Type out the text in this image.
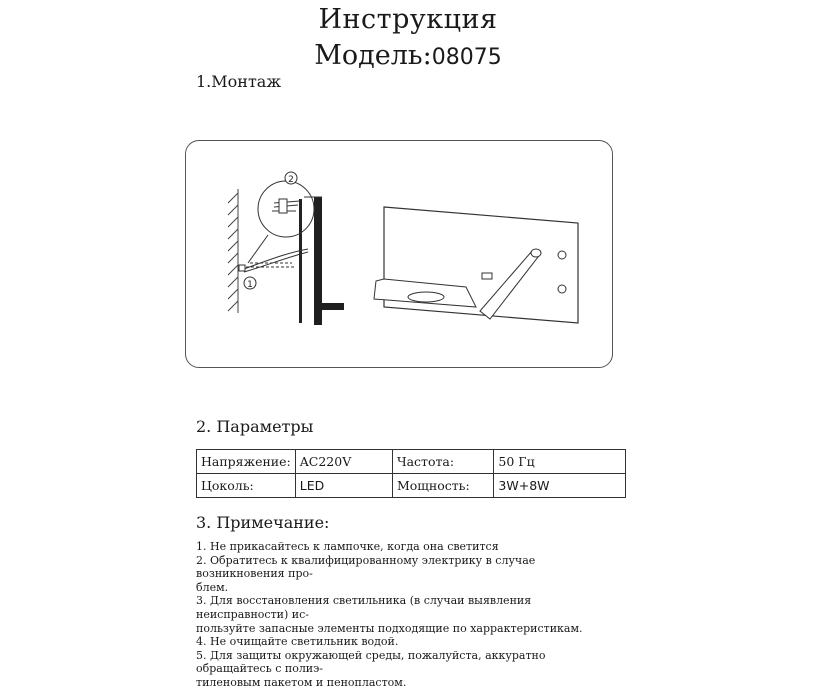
Инструкция
Модель:08075
1.Монтаж
2
1
2. Параметры
Напряжение:	AC220V	Частота:	50 Гц
Цоколь:	LED	Мощность:	3W+8W
3. Примечание:
1. Не прикасайтесь к лампочке, когда она светится
2. Обратитесь к квалифицированному электрику в случае возникновения про-
блем.
3. Для восстановления светильника (в случаи выявления неисправности) ис-
пользуйте запасные элементы подходящие по харрактеристикам.
4. Не очищайте светильник водой.
5. Для защиты окружающей среды, пожалуйста, аккуратно обращайтесь с полиэ-
тиленовым пакетом и пенопластом.
